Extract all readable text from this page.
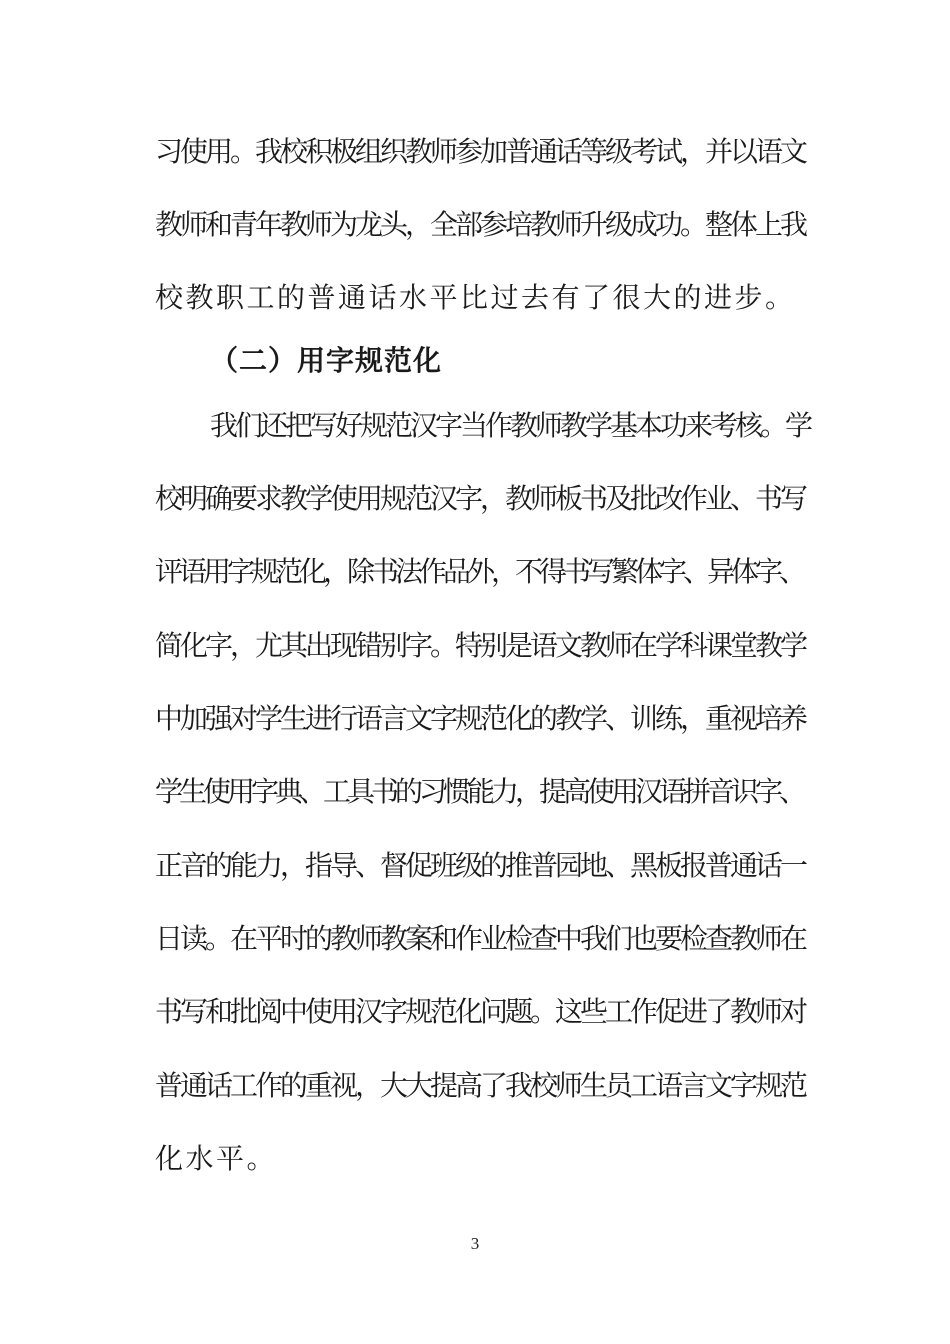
习使用。我校积极组织教师参加普通话等级考试，并以语文
教师和青年教师为龙头，全部参培教师升级成功。整体上我
校教职工的普通话水平比过去有了很大的进步。
（二）用字规范化
我们还把写好规范汉字当作教师教学基本功来考核。学
校明确要求教学使用规范汉字，教师板书及批改作业、书写
评语用字规范化，除书法作品外，不得书写繁体字、异体字、
简化字，尤其出现错别字。特别是语文教师在学科课堂教学
中加强对学生进行语言文字规范化的教学、训练，重视培养
学生使用字典、工具书的习惯能力，提高使用汉语拼音识字、
正音的能力，指导、督促班级的推普园地、黑板报普通话一
日读。在平时的教师教案和作业检查中我们也要检查教师在
书写和批阅中使用汉字规范化问题。这些工作促进了教师对
普通话工作的重视，大大提高了我校师生员工语言文字规范
化水平。
3
